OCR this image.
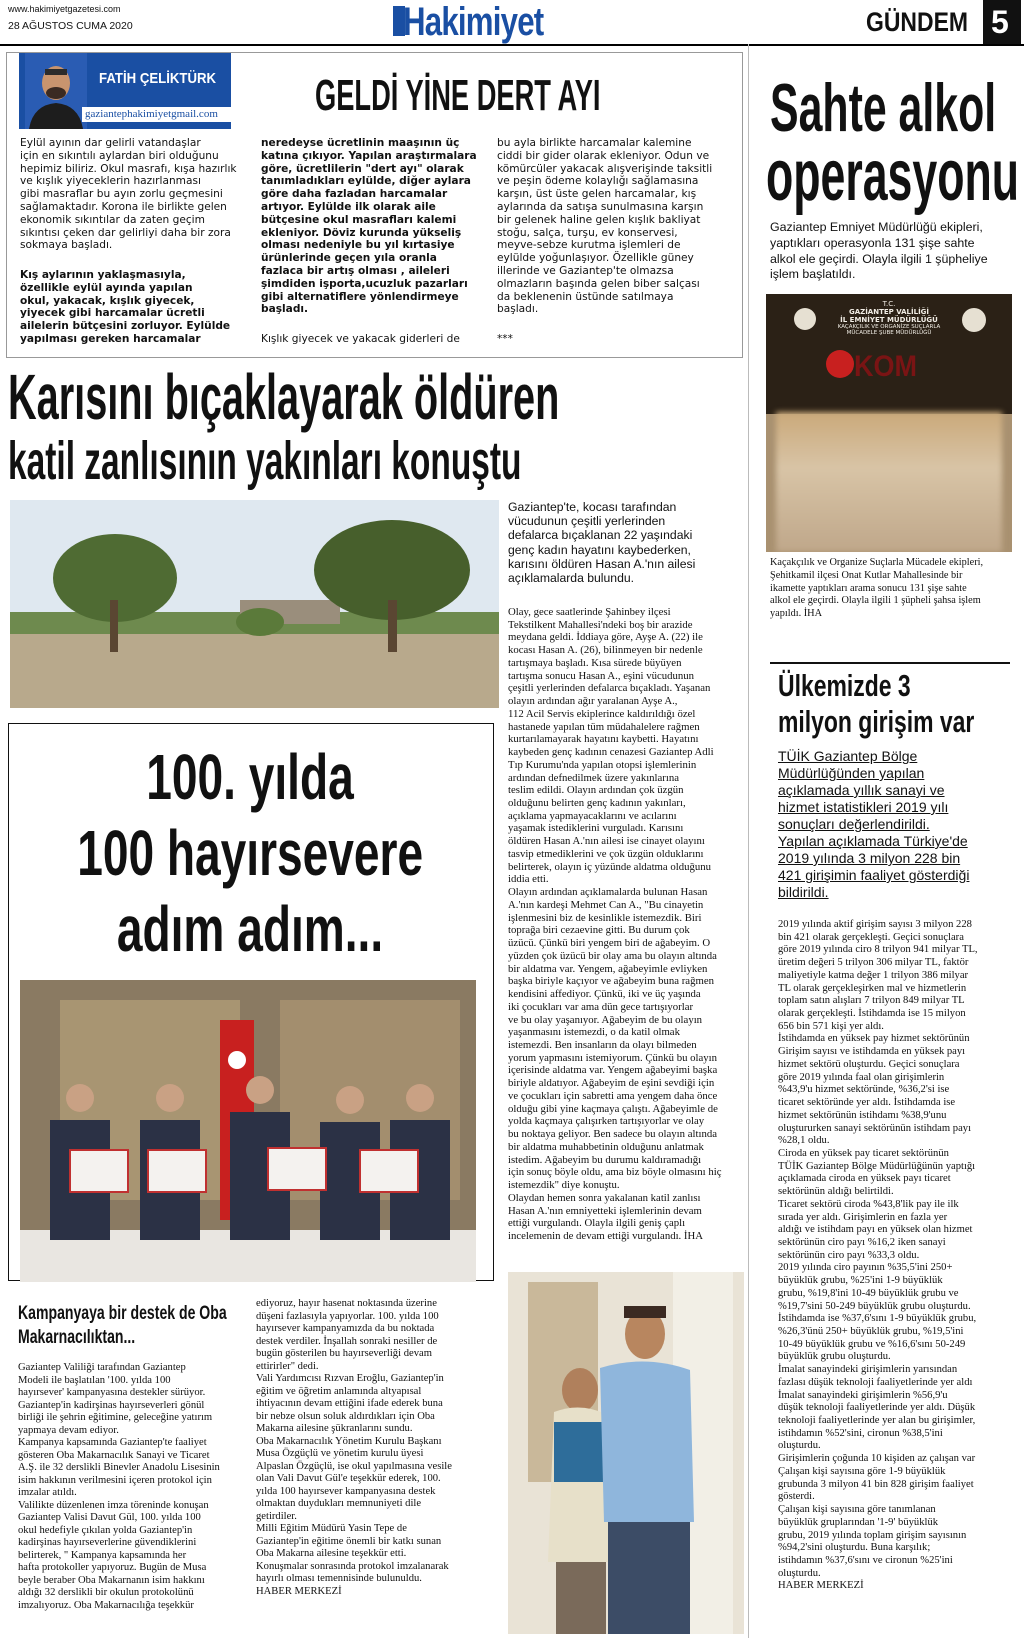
www.hakimiyetgazetesi.com
28 AĞUSTOS CUMA 2020	Hakimiyet	GÜNDEM 5
FATİH ÇELİKTÜRK
gaziantephakimiyetgmail.com GELDİ YİNE DERT AYI
Eylül ayının dar gelirli vatandaşlar
için en sıkıntılı aylardan biri olduğunu
hepimiz biliriz. Okul masrafı, kışa hazırlık
ve kışlık yiyeceklerin hazırlanması
gibi masraflar bu ayın zorlu geçmesini
sağlamaktadır. Korona ile birlikte gelen
ekonomik sıkıntılar da zaten geçim
sıkıntısı çeken dar gelirliyi daha bir zora
sokmaya başladı.
Kış aylarının yaklaşmasıyla,
özellikle eylül ayında yapılan
okul, yakacak, kışlık giyecek,
yiyecek gibi harcamalar ücretli
ailelerin bütçesini zorluyor. Eylülde
yapılması gereken harcamalar
neredeyse ücretlinin maaşının üç
katına çıkıyor. Yapılan araştırmalara
göre, ücretlilerin "dert ayı" olarak
tanımladıkları eylülde, diğer aylara
göre daha fazladan harcamalar
artıyor. Eylülde ilk olarak aile
bütçesine okul masrafları kalemi
ekleniyor. Döviz kurunda yükseliş
olması nedeniyle bu yıl kırtasiye
ürünlerinde geçen yıla oranla
fazlaca bir artış olması , aileleri
şimdiden işporta,ucuzluk pazarları
gibi alternatiflere yönlendirmeye
başladı.
Kışlık giyecek ve yakacak giderleri de
bu ayla birlikte harcamalar kalemine
ciddi bir gider olarak ekleniyor. Odun ve
kömürcüler yakacak alışverişinde taksitli
ve peşin ödeme kolaylığı sağlamasına
karşın, üst üste gelen harcamalar, kış
aylarında da satışa sunulmasına karşın
bir gelenek haline gelen kışlık bakliyat
stoğu, salça, turşu, ev konservesi,
meyve-sebze kurutma işlemleri de
eylülde yoğunlaşıyor. Özellikle güney
illerinde ve Gaziantep'te olmazsa
olmazların başında gelen biber salçası
da beklenenin üstünde satılmaya
başladı.
***
Karısını bıçaklayarak öldüren
katil zanlısının yakınları konuştu
Gaziantep'te, kocası tarafından
vücudunun çeşitli yerlerinden
defalarca bıçaklanan 22 yaşındaki
genç kadın hayatını kaybederken,
karısını öldüren Hasan A.'nın ailesi
açıklamalarda bulundu.
Olay, gece saatlerinde Şahinbey ilçesi
Tekstilkent Mahallesi'ndeki boş bir arazide
meydana geldi. İddiaya göre, Ayşe A. (22) ile
kocası Hasan A. (26), bilinmeyen bir nedenle
tartışmaya başladı. Kısa sürede büyüyen
tartışma sonucu Hasan A., eşini vücudunun
çeşitli yerlerinden defalarca bıçakladı. Yaşanan
olayın ardından ağır yaralanan Ayşe A.,
112 Acil Servis ekiplerince kaldırıldığı özel
hastanede yapılan tüm müdahalelere rağmen
kurtarılamayarak hayatını kaybetti. Hayatını
kaybeden genç kadının cenazesi Gaziantep Adli
Tıp Kurumu'nda yapılan otopsi işlemlerinin
ardından defnedilmek üzere yakınlarına
teslim edildi. Olayın ardından çok üzgün
olduğunu belirten genç kadının yakınları,
açıklama yapmayacaklarını ve acılarını
yaşamak istediklerini vurguladı. Karısını
öldüren Hasan A.'nın ailesi ise cinayet olayını
tasvip etmediklerini ve çok üzgün olduklarını
belirterek, olayın iç yüzünde aldatma olduğunu
iddia etti.
Olayın ardından açıklamalarda bulunan Hasan
A.'nın kardeşi Mehmet Can A., "Bu cinayetin
işlenmesini biz de kesinlikle istemezdik. Biri
toprağa biri cezaevine gitti. Bu durum çok
üzücü. Çünkü biri yengem biri de ağabeyim. O
yüzden çok üzücü bir olay ama bu olayın altında
bir aldatma var. Yengem, ağabeyimle evliyken
başka biriyle kaçıyor ve ağabeyim buna rağmen
kendisini affediyor. Çünkü, iki ve üç yaşında
iki çocukları var ama dün gece tartışıyorlar
ve bu olay yaşanıyor. Ağabeyim de bu olayın
yaşanmasını istemezdi, o da katil olmak
istemezdi. Ben insanların da olayı bilmeden
yorum yapmasını istemiyorum. Çünkü bu olayın
içerisinde aldatma var. Yengem ağabeyimi başka
biriyle aldatıyor. Ağabeyim de eşini sevdiği için
ve çocukları için sabretti ama yengem daha önce
olduğu gibi yine kaçmaya çalıştı. Ağabeyimle de
yolda kaçmaya çalışırken tartışıyorlar ve olay
bu noktaya geliyor. Ben sadece bu olayın altında
bir aldatma muhabbetinin olduğunu anlatmak
istedim. Ağabeyim bu durumu kaldıramadığı
için sonuç böyle oldu, ama biz böyle olmasını hiç
istemezdik" diye konuştu.
Olaydan hemen sonra yakalanan katil zanlısı
Hasan A.'nın emniyetteki işlemlerinin devam
ettiği vurgulandı. Olayla ilgili geniş çaplı
incelemenin de devam ettiği vurgulandı. İHA
100. yılda
100 hayırsevere
adım adım...
Kampanyaya bir destek de Oba
Makarnacılıktan...
Gaziantep Valiliği tarafından Gaziantep
Modeli ile başlatılan '100. yılda 100
hayırsever' kampanyasına destekler sürüyor.
Gaziantep'in kadirşinas hayırseverleri gönül
birliği ile şehrin eğitimine, geleceğine yatırım
yapmaya devam ediyor.
Kampanya kapsamında Gaziantep'te faaliyet
gösteren Oba Makarnacılık Sanayi ve Ticaret
A.Ş. ile 32 derslikli Binevler Anadolu Lisesinin
isim hakkının verilmesini içeren protokol için
imzalar atıldı.
Valilikte düzenlenen imza töreninde konuşan
Gaziantep Valisi Davut Gül, 100. yılda 100
okul hedefiyle çıkılan yolda Gaziantep'in
kadirşinas hayırseverlerine güvendiklerini
belirterek, " Kampanya kapsamında her
hafta protokoller yapıyoruz. Bugün de Musa
beyle beraber Oba Makarnanın isim hakkını
aldığı 32 derslikli bir okulun protokolünü
imzalıyoruz. Oba Makarnacılığa teşekkür
ediyoruz, hayır hasenat noktasında üzerine
düşeni fazlasıyla yapıyorlar. 100. yılda 100
hayırsever kampanyamızda da bu noktada
destek verdiler. İnşallah sonraki nesiller de
bugün gösterilen bu hayırseverliği devam
ettirirler" dedi.
Vali Yardımcısı Rızvan Eroğlu, Gaziantep'in
eğitim ve öğretim anlamında altyapısal
ihtiyacının devam ettiğini ifade ederek buna
bir nebze olsun soluk aldırdıkları için Oba
Makarna ailesine şükranlarını sundu.
Oba Makarnacılık Yönetim Kurulu Başkanı
Musa Özgüçlü ve yönetim kurulu üyesi
Alpaslan Özgüçlü, ise okul yapılmasına vesile
olan Vali Davut Gül'e teşekkür ederek, 100.
yılda 100 hayırsever kampanyasına destek
olmaktan duydukları memnuniyeti dile
getirdiler.
Milli Eğitim Müdürü Yasin Tepe de
Gaziantep'in eğitime önemli bir katkı sunan
Oba Makarna ailesine teşekkür etti.
Konuşmalar sonrasında protokol imzalanarak
hayırlı olması temennisinde bulunuldu.
HABER MERKEZİ
Sahte alkol
operasyonu
Gaziantep Emniyet Müdürlüğü ekipleri,
yaptıkları operasyonla 131 şişe sahte
alkol ele geçirdi. Olayla ilgili 1 şüpheliye
işlem başlatıldı.
T.C.
GAZİANTEP VALİLİĞİ
İL EMNİYET MÜDÜRLÜĞÜ
KAÇAKÇILIK VE ORGANİZE SUÇLARLA
MÜCADELE ŞUBE MÜDÜRLÜĞÜ
KOM
Kaçakçılık ve Organize Suçlarla Mücadele ekipleri,
Şehitkamil ilçesi Onat Kutlar Mahallesinde bir
ikamette yaptıkları arama sonucu 131 şişe sahte
alkol ele geçirdi. Olayla ilgili 1 şüpheli şahsa işlem
yapıldı. İHA
Ülkemizde 3
milyon girişim var
TÜİK Gaziantep Bölge
Müdürlüğünden yapılan
açıklamada yıllık sanayi ve
hizmet istatistikleri 2019 yılı
sonuçları değerlendirildi.
Yapılan açıklamada Türkiye'de
2019 yılında 3 milyon 228 bin
421 girişimin faaliyet gösterdiği
bildirildi.
2019 yılında aktif girişim sayısı 3 milyon 228
bin 421 olarak gerçekleşti. Geçici sonuçlara
göre 2019 yılında ciro 8 trilyon 941 milyar TL,
üretim değeri 5 trilyon 306 milyar TL, faktör
maliyetiyle katma değer 1 trilyon 386 milyar
TL olarak gerçekleşirken mal ve hizmetlerin
toplam satın alışları 7 trilyon 849 milyar TL
olarak gerçekleşti. İstihdamda ise 15 milyon
656 bin 571 kişi yer aldı.
İstihdamda en yüksek pay hizmet sektörünün
Girişim sayısı ve istihdamda en yüksek payı
hizmet sektörü oluşturdu. Geçici sonuçlara
göre 2019 yılında faal olan girişimlerin
%43,9'u hizmet sektöründe, %36,2'si ise
ticaret sektöründe yer aldı. İstihdamda ise
hizmet sektörünün istihdamı %38,9'unu
oluştururken sanayi sektörünün istihdam payı
%28,1 oldu.
Ciroda en yüksek pay ticaret sektörünün
TÜİK Gaziantep Bölge Müdürlüğünün yaptığı
açıklamada ciroda en yüksek payı ticaret
sektörünün aldığı belirtildi.
Ticaret sektörü ciroda %43,8'lik pay ile ilk
sırada yer aldı. Girişimlerin en fazla yer
aldığı ve istihdam payı en yüksek olan hizmet
sektörünün ciro payı %16,2 iken sanayi
sektörünün ciro payı %33,3 oldu.
2019 yılında ciro payının %35,5'ini 250+
büyüklük grubu, %25'ini 1-9 büyüklük
grubu, %19,8'ini 10-49 büyüklük grubu ve
%19,7'sini 50-249 büyüklük grubu oluşturdu.
İstihdamda ise %37,6'sını 1-9 büyüklük grubu,
%26,3'ünü 250+ büyüklük grubu, %19,5'ini
10-49 büyüklük grubu ve %16,6'sını 50-249
büyüklük grubu oluşturdu.
İmalat sanayindeki girişimlerin yarısından
fazlası düşük teknoloji faaliyetlerinde yer aldı
İmalat sanayindeki girişimlerin %56,9'u
düşük teknoloji faaliyetlerinde yer aldı. Düşük
teknoloji faaliyetlerinde yer alan bu girişimler,
istihdamın %52'sini, cironun %38,5'ini
oluşturdu.
Girişimlerin çoğunda 10 kişiden az çalışan var
Çalışan kişi sayısına göre 1-9 büyüklük
grubunda 3 milyon 41 bin 828 girişim faaliyet
gösterdi.
Çalışan kişi sayısına göre tanımlanan
büyüklük gruplarından '1-9' büyüklük
grubu, 2019 yılında toplam girişim sayısının
%94,2'sini oluşturdu. Buna karşılık;
istihdamın %37,6'sını ve cironun %25'ini
oluşturdu.
HABER MERKEZİ
